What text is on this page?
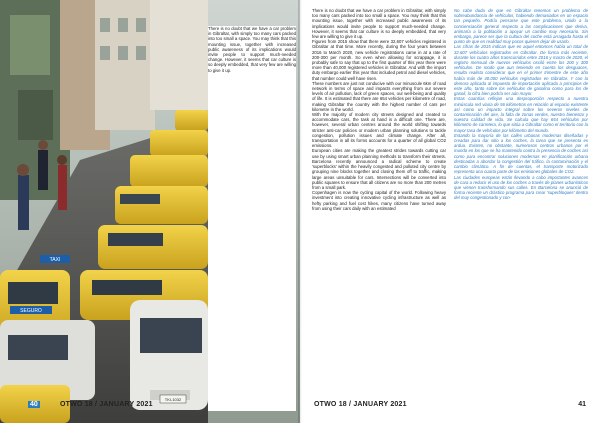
TAXI
SEGURO
TKI-1032

There is no doubt that we have a car problem in Gibraltar, with simply too many cars packed into too small a space. You may think that this mounting issue, together with increased public awareness of its implications would invite people to support much-needed change. However, it seems that car culture is so deeply embedded, that very few are willing to give it up.

40	OTWO 18 / JANUARY 2021

There is no doubt that we have a car problem in Gibraltar, with simply too many cars packed into too small a space. You may think that this mounting issue, together with increased public awareness of its implications would invite people to support much-needed change. However, it seems that car culture is so deeply embedded, that very few are willing to give it up.

Figures from 2015 show that there were 32,607 vehicles registered in Gibraltar at that time. More recently, during the four years between 2016 to March 2020, new vehicle registrations came in at a rate of 200-300 per month. So even when allowing for scrappage, it is probably safe to say that up to the first quarter of this year there were more than 40,000 registered vehicles in Gibraltar. And with the import duty embargo earlier this year that included petrol and diesel vehicles, that number could well have risen.

These numbers are just not conducive with our minuscule 6km of road network in terms of space and impacts everything from our severe levels of air pollution, lack of green spaces, our well-being and quality of life. It is estimated that there are 654 vehicles per kilometre of road, making Gibraltar the country with the highest number of cars per kilometre in the world.

With the majority of modern city streets designed and created to accommodate cars, the task at hand is a difficult one. There are, however, several urban centres around the world shifting towards stricter anti-car policies or modern urban planning solutions to tackle congestion, pollution issues and climate change. After all, transportation in all its forms accounts for a quarter of all global CO2 emissions.

European cities are making the greatest strides towards cutting car use by using smart urban planning methods to transform their streets. Barcelona recently announced a radical scheme to create 'superblocks' within the heavily congested and polluted city centre by grouping nine blocks together and closing them off to traffic, making large areas unsuitable for cars. Intersections will be converted into public squares to ensure that all citizens are no more than 200 metres from a small park.

Copenhagen is now the cycling capital of the world. Following heavy investment into creating innovative cycling infrastructure as well as hefty parking and fuel cost hikes, many citizens have turned away from using their cars daily with an estimated

No cabe duda de que en Gibraltar tenemos un problema de sobreabundancia de vehículos, habiendo demasiados en un espacio tan pequeño. Podría pensarse que este problema, unido a la concienciación general respecto a las complicaciones que deriva, animaría a la población a apoyar un cambio muy necesario. Sin embargo, parece ser que la cultura del coche está arraigada hasta el punto de que en realidad muy pocos quieren dejar de usarlo.

Las cifras de 2015 indican que en aquel entonces había un total de 32.607 vehículos registrados en Gibraltar. De forma más reciente, durante los cuatro años transcurridos entre 2016 y marzo de 2020, el registro mensual de nuevos vehículos osciló entre los 200 y 300 vehículos. De modo que aun teniendo en cuenta los desguaces, resulta realista considerar que en el primer trimestre de este año había más de 40.000 vehículos registrados en Gibraltar. Y con la demora aplicada al impuesto de importación aplicada a principios de este año, tanto sobre los vehículos de gasolina como para los de gasoil, la cifra bien podría ser aún mayor.

Estas cuantías reflejan una desproporción respecto a nuestra minúscula red viaria de 56 kilómetros en relación al espacio existente así como un impacto integral sobre los severos niveles de contaminación del aire, la falta de zonas verdes, nuestro bienestar y nuestra calidad de vida. Se calcula que hay 654 vehículos por kilómetro de carretera, lo que sitúa a Gibraltar como el territorio con la mayor tasa de vehículos por kilómetro del mundo.

Estando la mayoría de las calles urbanas modernas diseñadas y creadas para dar sitio a los coches, la tarea que se presenta es ardua. Existen, no obstante, numerosos centros urbanos por el mundo en los que se ha mantenido contra la presencia de coches así como para encontrar soluciones modernas en planificación urbana destinadas a abordar la congestión del tráfico, la contaminación y el cambio climático. A fin de cuentas, el transporte motorizado representa una cuarta parte de las emisiones globales de CO2.

Las ciudades europeas están llevando a cabo importantes avances de cara a reducir el uso de los coches a través de planes urbanísticos que vienen transformando sus calles. En Barcelona se anunció de forma reciente un drástico programa para crear 'superbloques' dentro del muy congestionado y con-

OTWO 18 / JANUARY 2021	41
